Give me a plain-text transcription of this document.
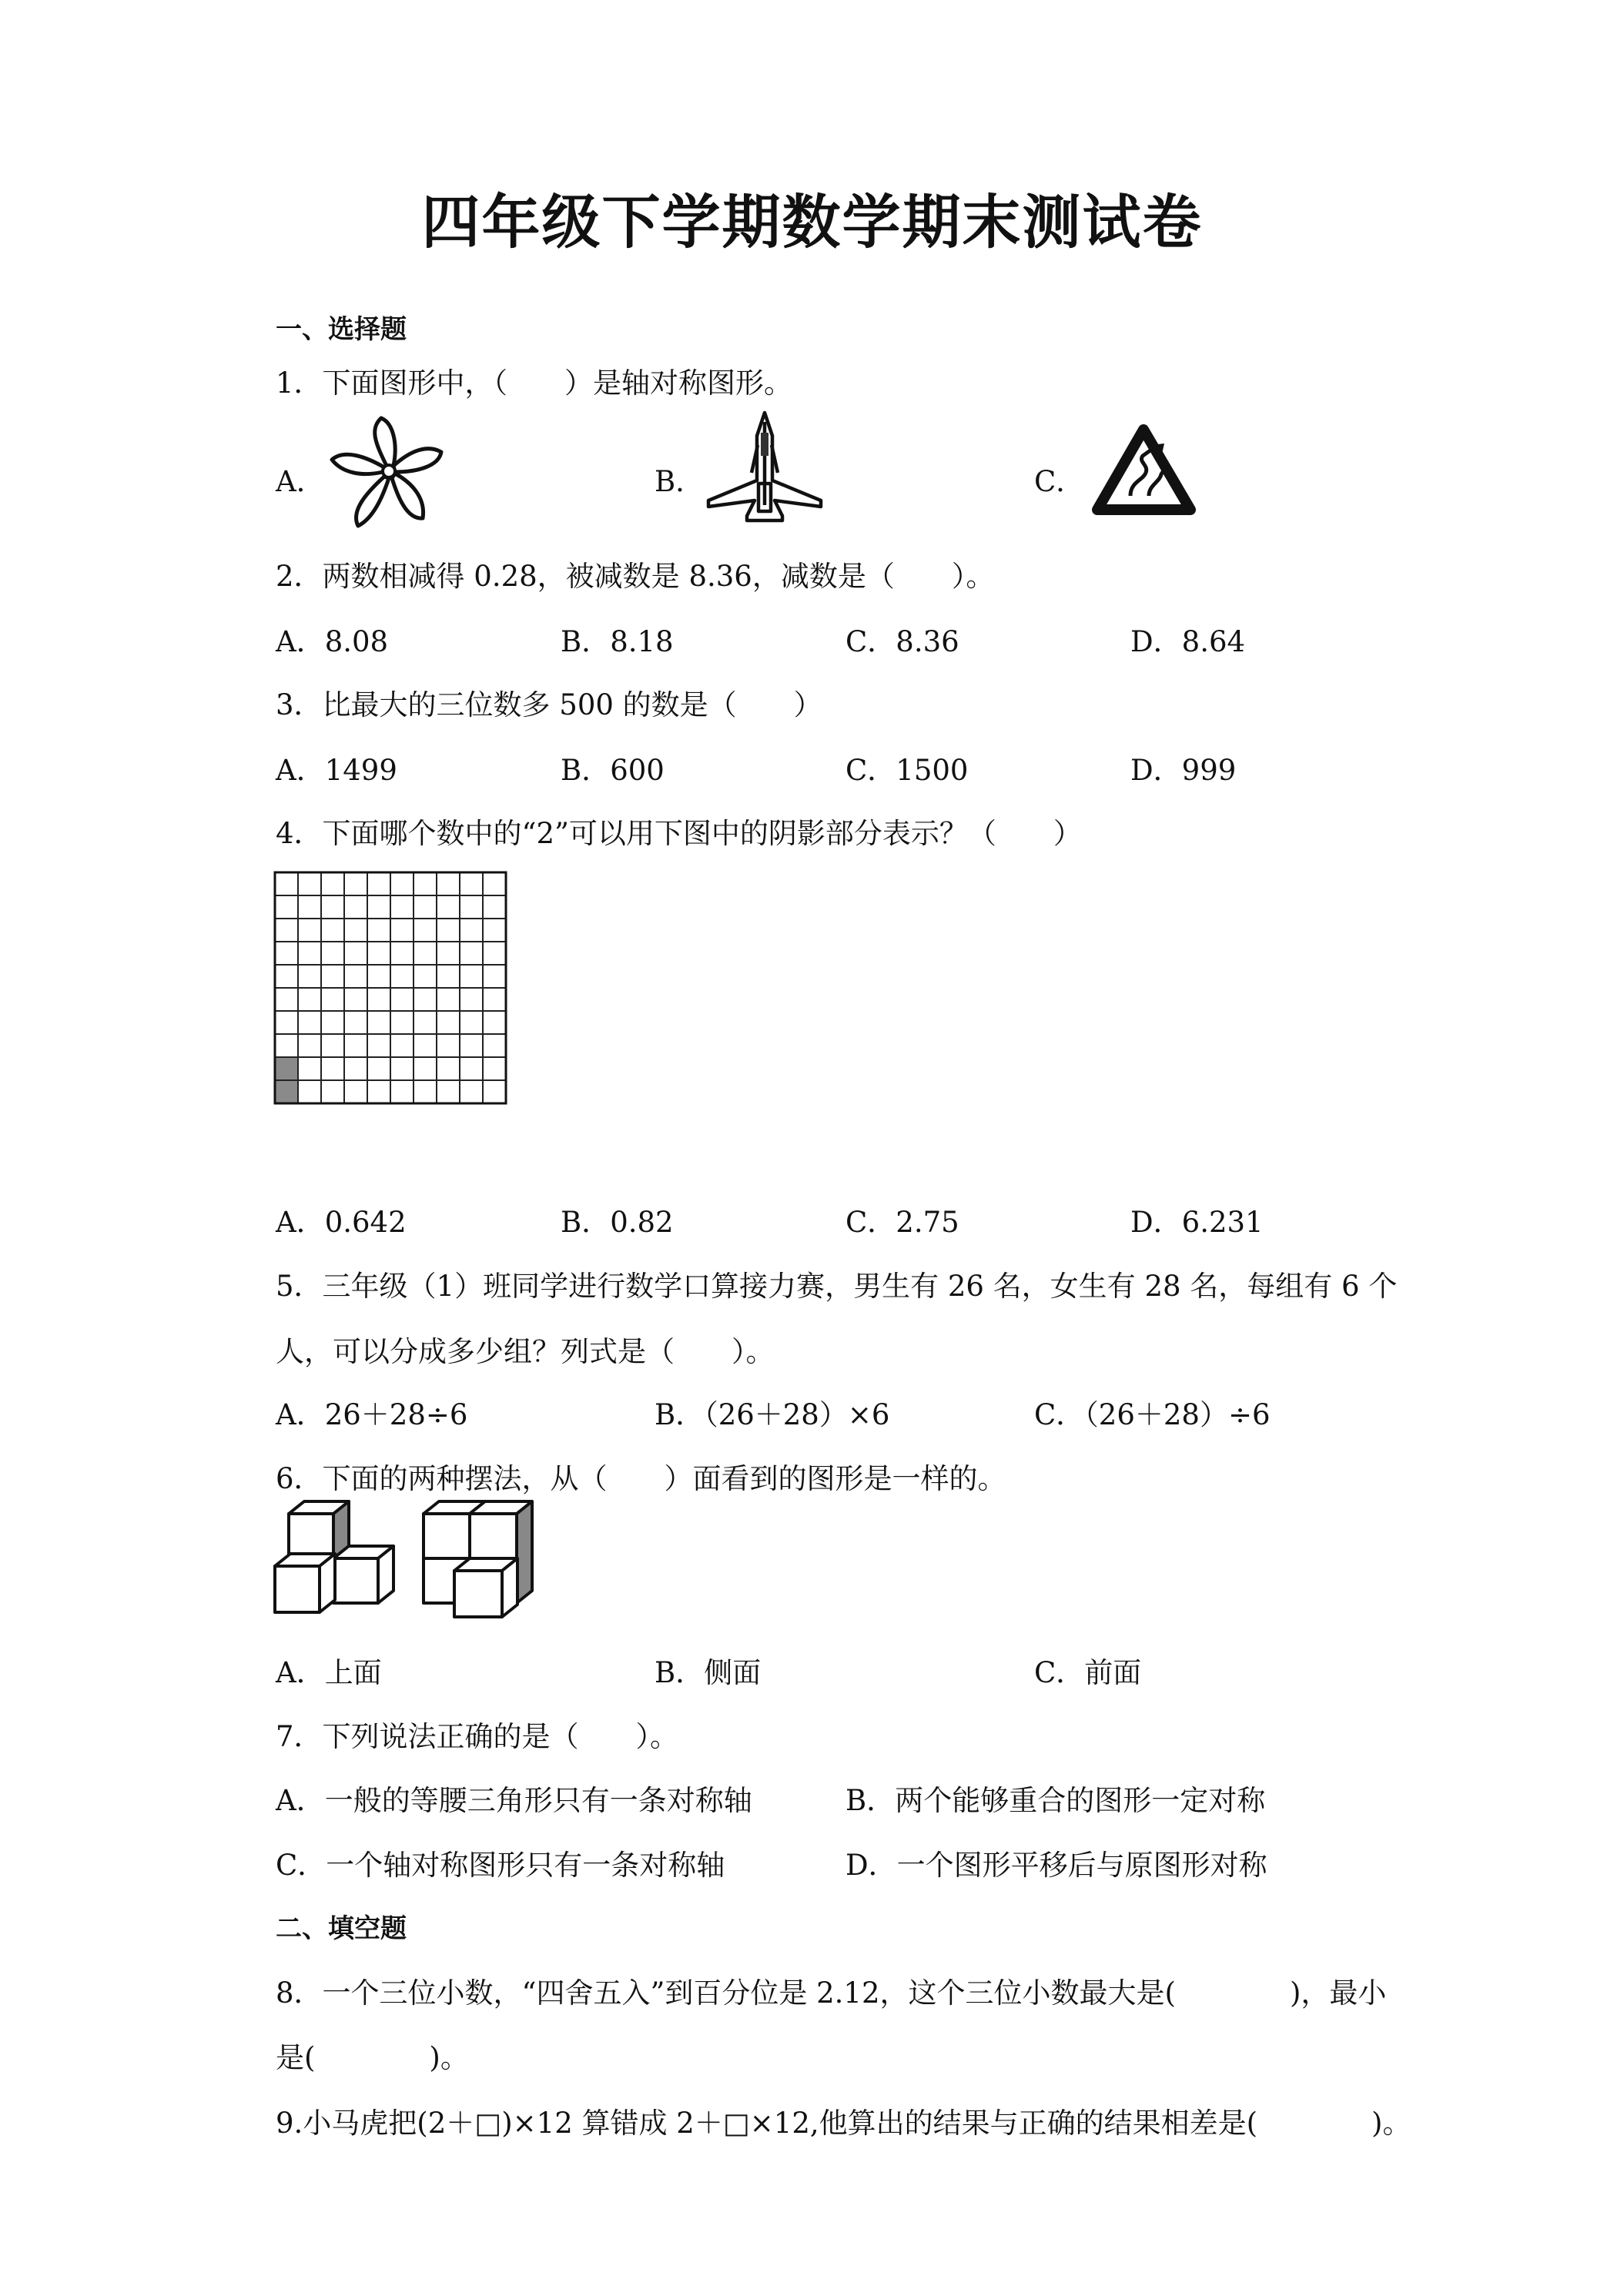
四年级下学期数学期末测试卷
一、选择题
1．下面图形中，（　　）是轴对称图形。
A．	B．	C．
2．两数相减得 0.28，被减数是 8.36，减数是（　　）。
A．8.08	B．8.18	C．8.36	D．8.64
3．比最大的三位数多 500 的数是（　　）
A．1499	B．600	C．1500	D．999
4．下面哪个数中的“2”可以用下图中的阴影部分表示？（　　）
A．0.642	B．0.82	C．2.75	D．6.231
5．三年级（1）班同学进行数学口算接力赛，男生有 26 名，女生有 28 名，每组有 6 个
人，可以分成多少组？列式是（　　）。
A．26＋28÷6	B．（26＋28）×6	C．（26＋28）÷6
6．下面的两种摆法，从（　　）面看到的图形是一样的。
A．上面	B．侧面	C．前面
7．下列说法正确的是（　　）。
A．一般的等腰三角形只有一条对称轴	B．两个能够重合的图形一定对称
C．一个轴对称图形只有一条对称轴	D．一个图形平移后与原图形对称
二、填空题
8．一个三位小数，“四舍五入”到百分位是 2.12，这个三位小数最大是(　　　　)，最小
是(　　　　)。
9.小马虎把(2＋□)×12 算错成 2＋□×12,他算出的结果与正确的结果相差是(　　　　)。
